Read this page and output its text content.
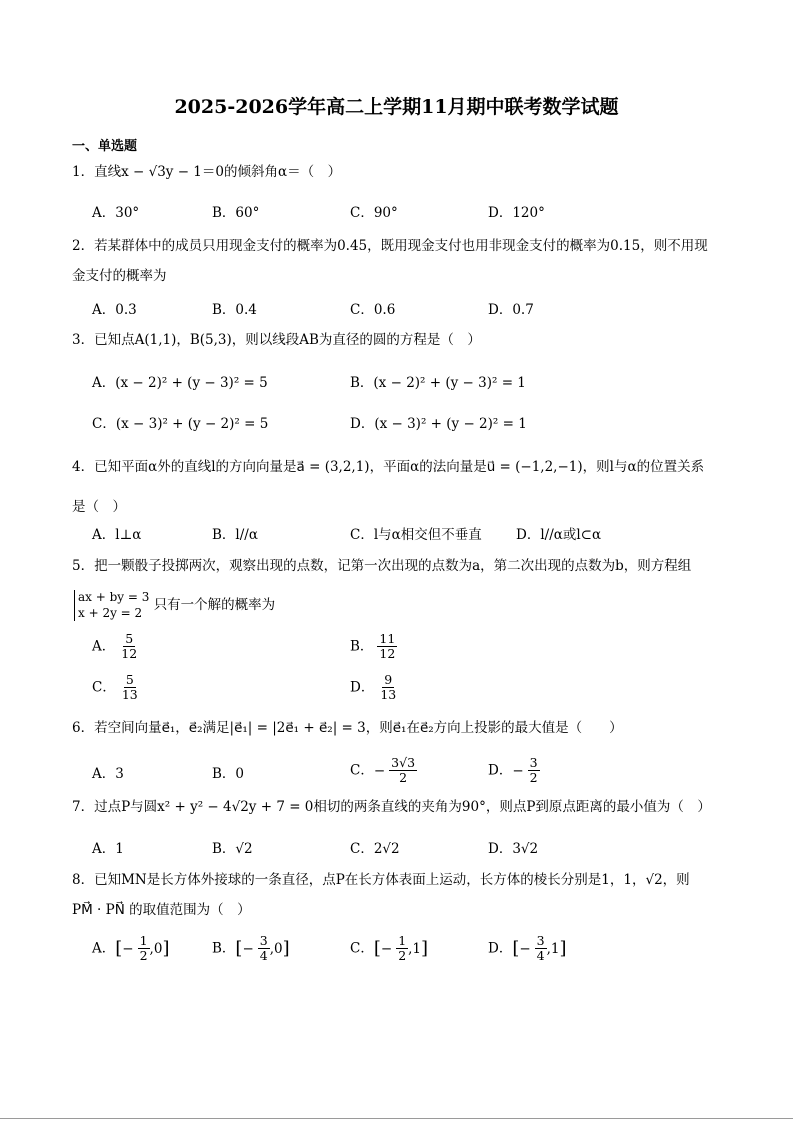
2025-2026学年高二上学期11月期中联考数学试题
一、单选题
1．直线x − √3y − 1＝0的倾斜角α＝（　）
A．30°	B．60°	C．90°	D．120°
2．若某群体中的成员只用现金支付的概率为0.45，既用现金支付也用非现金支付的概率为0.15，则不用现
金支付的概率为
A．0.3	B．0.4	C．0.6	D．0.7
3．已知点A(1,1)，B(5,3)，则以线段AB为直径的圆的方程是（　）
A．(x − 2)² + (y − 3)² = 5	B．(x − 2)² + (y − 3)² = 1
C．(x − 3)² + (y − 2)² = 5	D．(x − 3)² + (y − 2)² = 1
4．已知平面α外的直线l的方向向量是a⃗ = (3,2,1)，平面α的法向量是u⃗ = (−1,2,−1)，则l与α的位置关系
是（　）
A．l⊥α	B．l//α	C．l与α相交但不垂直	D．l//α或l⊂α
5．把一颗骰子投掷两次，观察出现的点数，记第一次出现的点数为a，第二次出现的点数为b，则方程组
ax + by = 3
x + 2y = 2 只有一个解的概率为
A． $\frac{5}{12}$	B． $\frac{11}{12}$
C． $\frac{5}{13}$	D． $\frac{9}{13}$
6．若空间向量e⃗₁，e⃗₂满足|e⃗₁| = |2e⃗₁ + e⃗₂| = 3，则e⃗₁在e⃗₂方向上投影的最大值是（　　）
A．3	B．0	C．− $\frac{3√3}{2}$	D．− $\frac{3}{2}$
7．过点P与圆x² + y² − 4√2y + 7 = 0相切的两条直线的夹角为90°，则点P到原点距离的最小值为（　）
A．1	B．√2	C．2√2	D．3√2
8．已知MN是长方体外接球的一条直径，点P在长方体表面上运动，长方体的棱长分别是1，1，√2，则
PM⃗ · PN⃗ 的取值范围为（　）
A．[− $\frac{1}{2} ,0$]	B．[− $\frac{3}{4} ,0$]	C．[− $\frac{1}{2} ,1$]	D．[− $\frac{3}{4} ,1$]
